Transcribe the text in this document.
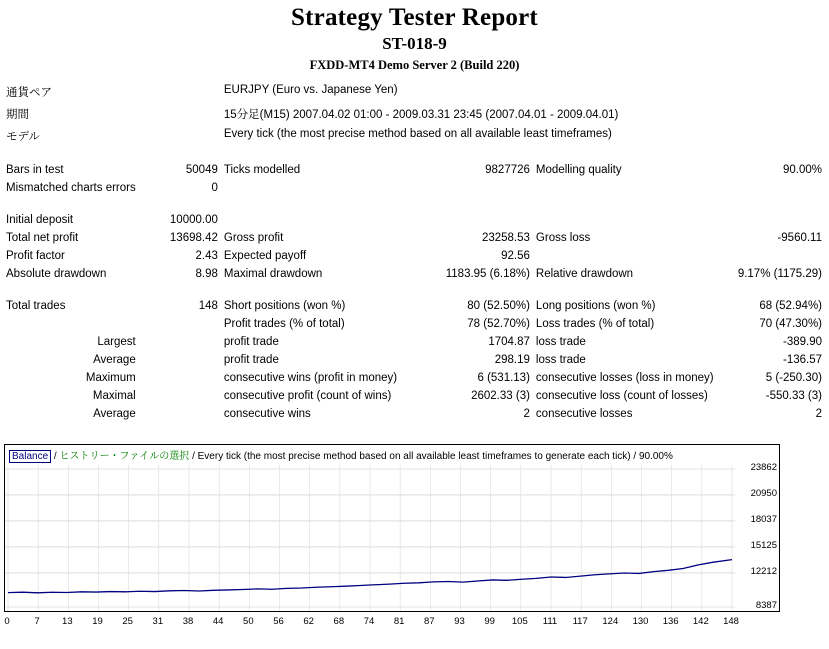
Strategy Tester Report
ST-018-9
FXDD-MT4 Demo Server 2 (Build 220)
通貨ペア		EURJPY (Euro vs. Japanese Yen)			
期間		15分足(M15) 2007.04.02 01:00 - 2009.03.31 23:45 (2007.04.01 - 2009.04.01)			
モデル		Every tick (the most precise method based on all available least timeframes)			

Bars in test	50049	Ticks modelled	9827726	Modelling quality	90.00%
Mismatched charts errors	0				

Initial deposit	10000.00				
Total net profit	13698.42	Gross profit	23258.53	Gross loss	-9560.11
Profit factor	2.43	Expected payoff	92.56		
Absolute drawdown	8.98	Maximal drawdown	1183.95 (6.18%)	Relative drawdown	9.17% (1175.29)

Total trades	148	Short positions (won %)	80 (52.50%)	Long positions (won %)	68 (52.94%)
		Profit trades (% of total)	78 (52.70%)	Loss trades (% of total)	70 (47.30%)
Largest		profit trade	1704.87	loss trade	-389.90
Average		profit trade	298.19	loss trade	-136.57
Maximum		consecutive wins (profit in money)	6 (531.13)	consecutive losses (loss in money)	5 (-250.30)
Maximal		consecutive profit (count of wins)	2602.33 (3)	consecutive loss (count of losses)	-550.33 (3)
Average		consecutive wins	2	consecutive losses	2
Balance / ヒストリー・ファイルの選択 / Every tick (the most precise method based on all available least timeframes to generate each tick) / 90.00%
8387
12212
15125
18037
20950
23862
0	7	13	19	25	31	38	44	50	56	62	68	74	81	87	93	99	105 111 117 124 130 136 142 148
